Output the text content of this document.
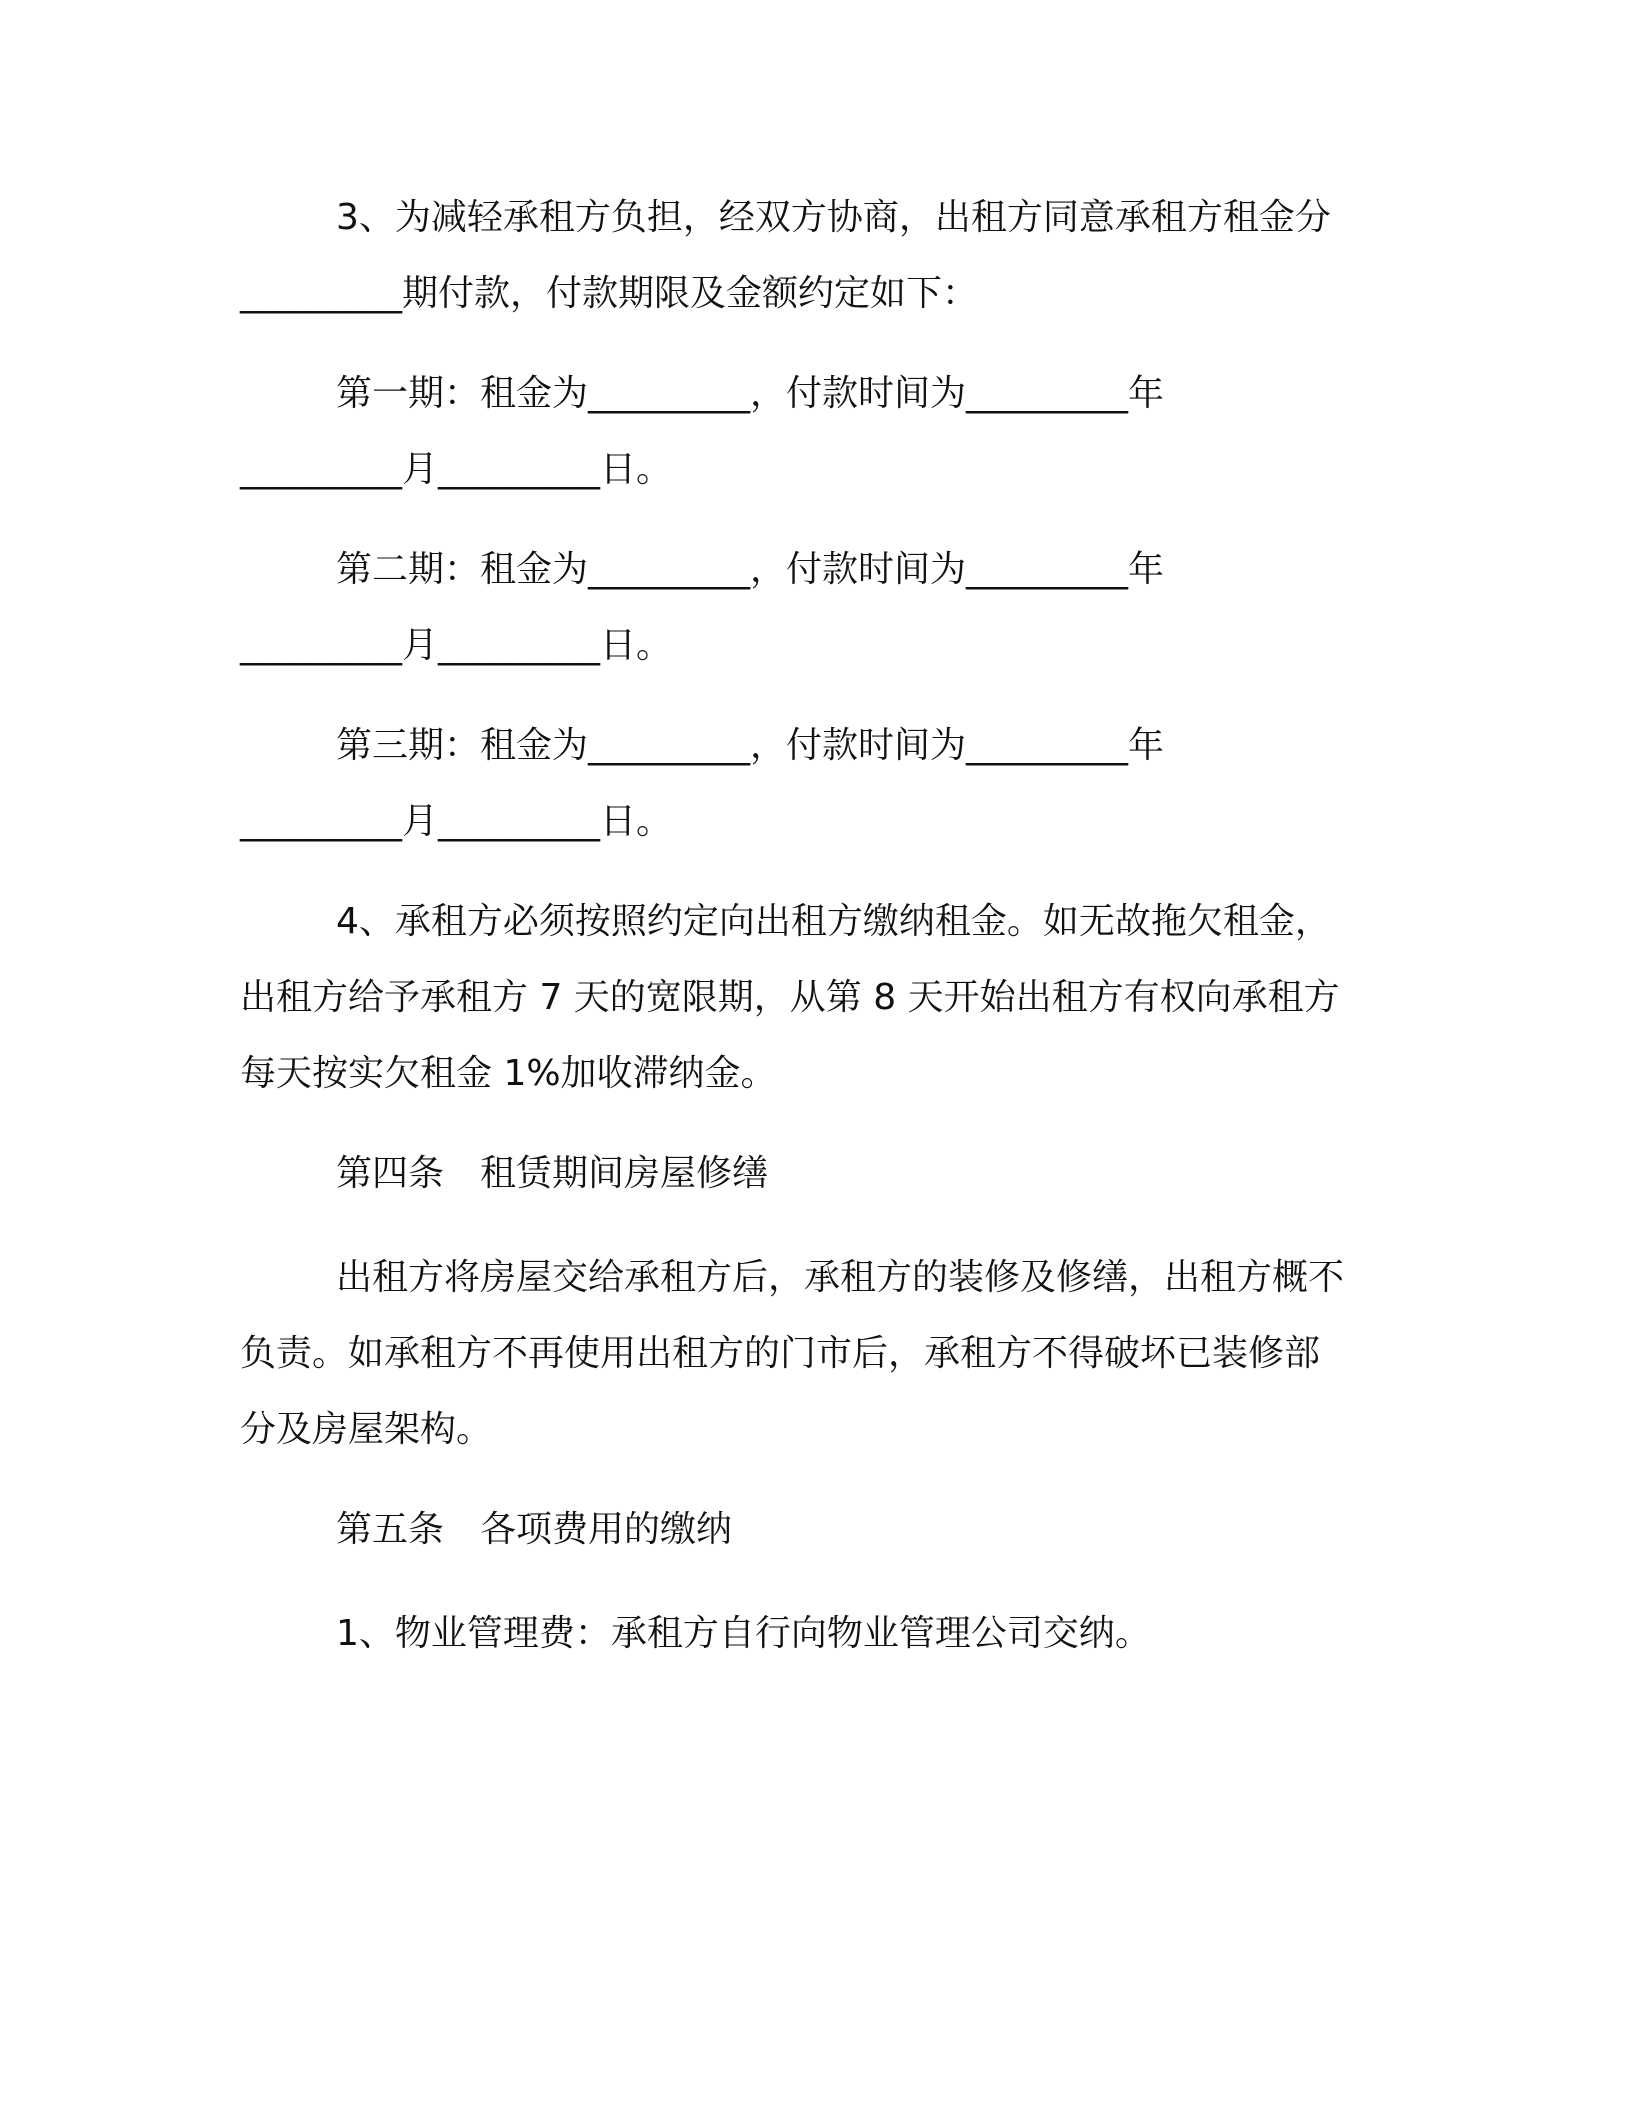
3、为减轻承租方负担，经双方协商，出租方同意承租方租金分
_________期付款，付款期限及金额约定如下：
第一期：租金为_________，付款时间为_________年
_________月_________日。
第二期：租金为_________，付款时间为_________年
_________月_________日。
第三期：租金为_________，付款时间为_________年
_________月_________日。
4、承租方必须按照约定向出租方缴纳租金。如无故拖欠租金，
出租方给予承租方 7 天的宽限期，从第 8 天开始出租方有权向承租方
每天按实欠租金 1%加收滞纳金。
第四条 租赁期间房屋修缮
出租方将房屋交给承租方后，承租方的装修及修缮，出租方概不
负责。如承租方不再使用出租方的门市后，承租方不得破坏已装修部
分及房屋架构。
第五条 各项费用的缴纳
1、物业管理费：承租方自行向物业管理公司交纳。
